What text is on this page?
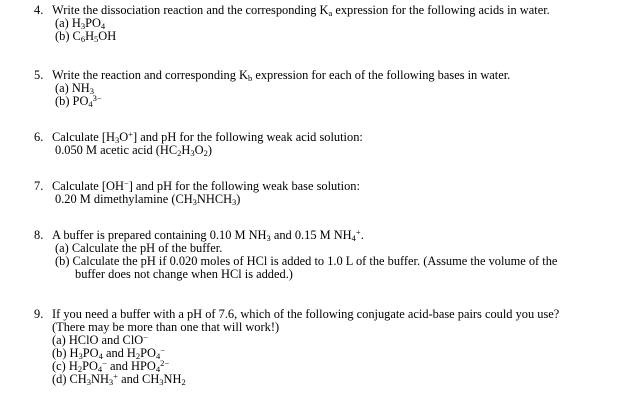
4. Write the dissociation reaction and the corresponding $K_a$ expression for the following acids in water.
(a) $H_3PO_4$
(b) $C_6H_5OH$
5. Write the reaction and corresponding $K_b$ expression for each of the following bases in water.
(a) $NH_3$
(b) $PO_4^{3-}$
6. Calculate $[H_3O^+]$ and pH for the following weak acid solution:
0.050 M acetic acid $(HC_2H_3O_2)$
7. Calculate [OH−] and pH for the following weak base solution:
0.20 M dimethylamine $(CH_3NHCH_3)$
8. A buffer is prepared containing 0.10 M $NH_3$ and 0.15 M $NH_4^+$.
(a) Calculate the pH of the buffer.
(b) Calculate the pH if 0.020 moles of HCl is added to 1.0 L of the buffer. (Assume the volume of the
buffer does not change when HCl is added.)
9. If you need a buffer with a pH of 7.6, which of the following conjugate acid-base pairs could you use?
(There may be more than one that will work!)
(a) HClO and ClO−
(b) $H_3PO_4$ and $H_2PO_4^-$
(c) $H_2PO_4^-$ and $HPO_4^{2-}$
(d) $CH_3NH_3^+$ and $CH_3NH_2$
